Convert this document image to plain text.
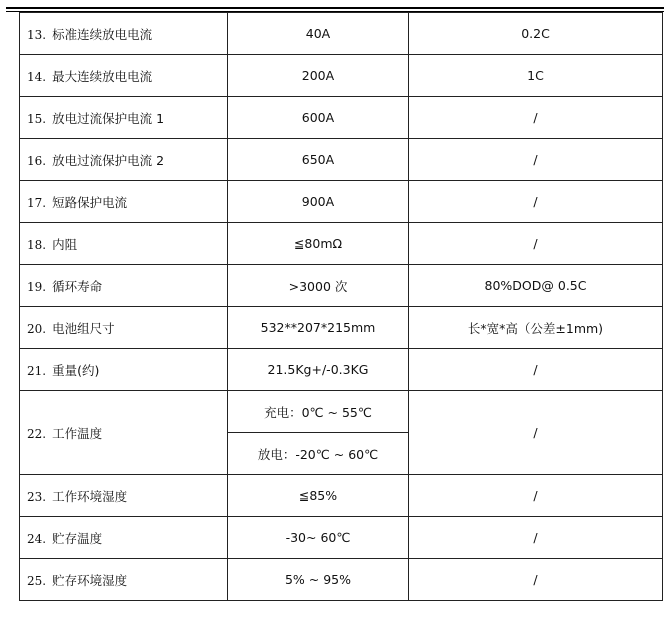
13. 标准连续放电电流	40A	0.2C
14. 最大连续放电电流	200A	1C
15. 放电过流保护电流 1	600A	/
16. 放电过流保护电流 2	650A	/
17. 短路保护电流	900A	/
18. 内阻	≦80mΩ	/
19. 循环寿命	>3000 次	80%DOD@ 0.5C
20. 电池组尺寸	532**207*215mm	长*宽*高（公差±1mm)
21. 重量(约)	21.5Kg+/-0.3KG	/
22. 工作温度	充电：0℃ ~ 55℃	/
	放电：-20℃ ~ 60℃	
23. 工作环境湿度	≦85%	/
24. 贮存温度	-30~ 60℃	/
25. 贮存环境湿度	5% ~ 95%	/
